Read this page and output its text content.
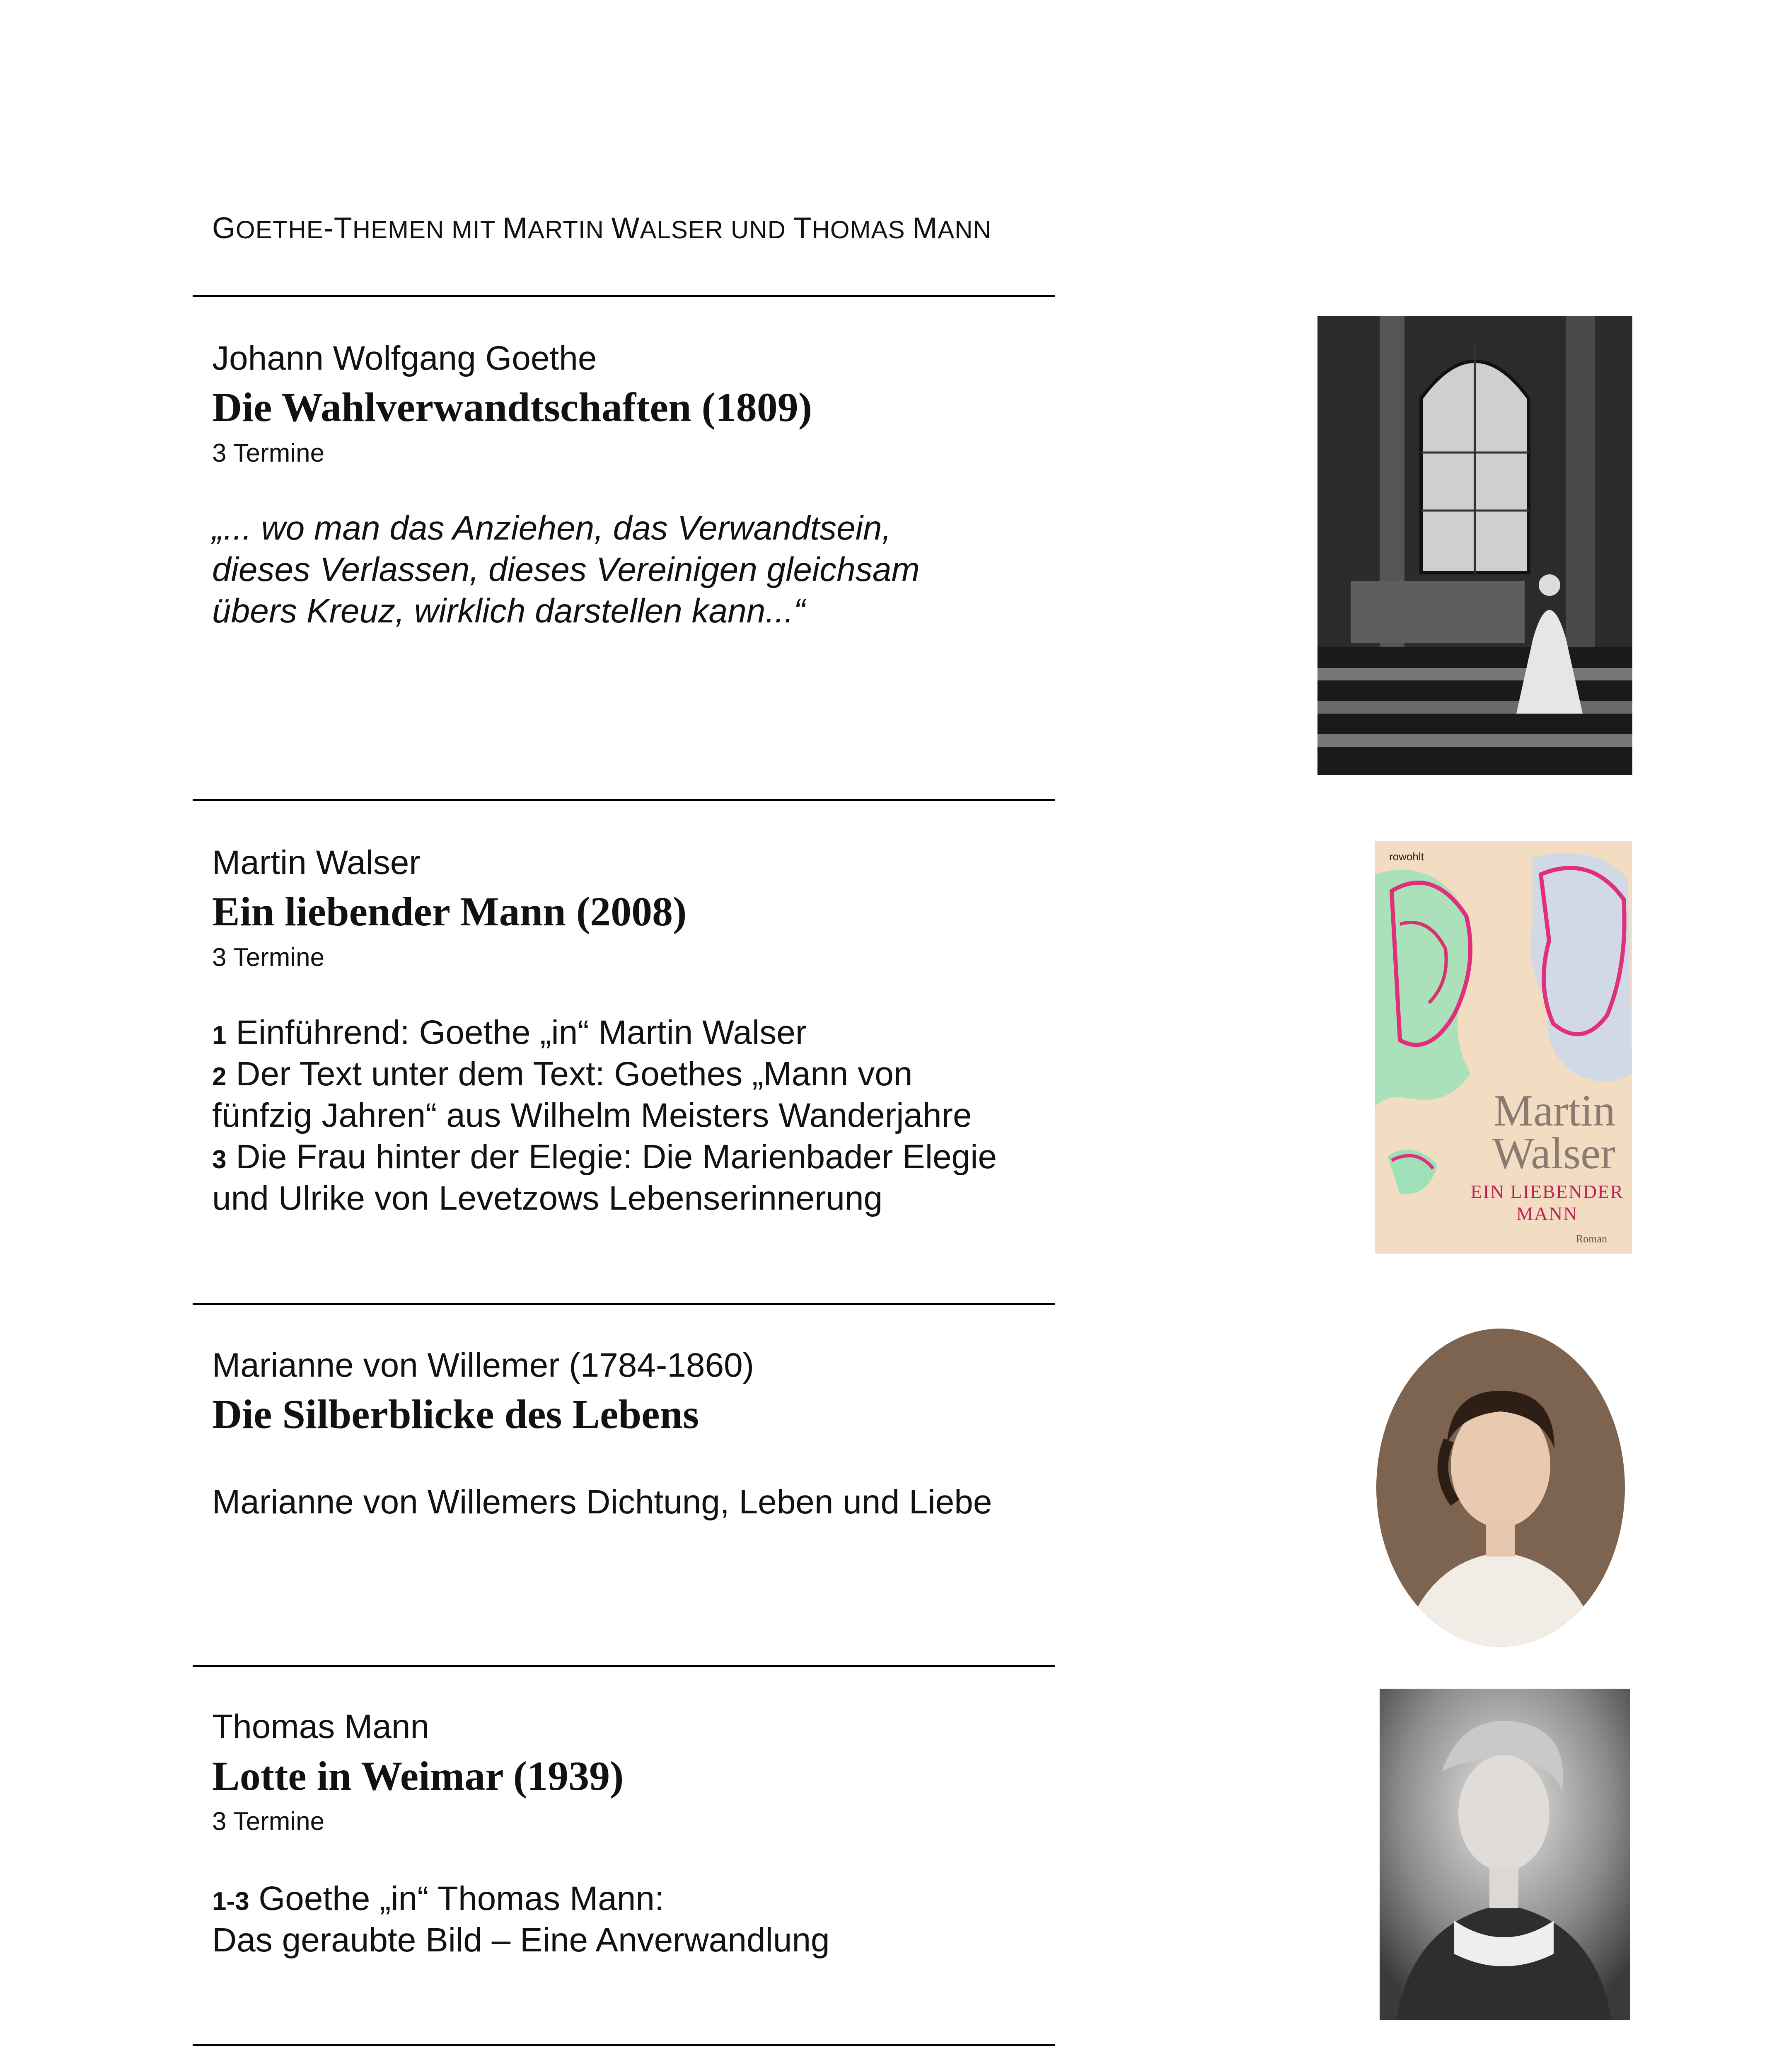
GOETHE-THEMEN MIT MARTIN WALSER UND THOMAS MANN
Johann Wolfgang Goethe
Die Wahlverwandtschaften (1809)
3 Termine
„... wo man das Anziehen, das Verwandtsein,
dieses Verlassen, dieses Vereinigen gleichsam
übers Kreuz, wirklich darstellen kann...“
Martin Walser
Ein liebender Mann (2008)
3 Termine
1 Einführend: Goethe „in“ Martin Walser
2 Der Text unter dem Text: Goethes „Mann von
fünfzig Jahren“ aus Wilhelm Meisters Wanderjahre
3 Die Frau hinter der Elegie: Die Marienbader Elegie
und Ulrike von Levetzows Lebenserinnerung
rowohlt
Martin
Walser
EIN LIEBENDER
MANN
Roman
Marianne von Willemer (1784-1860)
Die Silberblicke des Lebens
Marianne von Willemers Dichtung, Leben und Liebe
Thomas Mann
Lotte in Weimar (1939)
3 Termine
1-3 Goethe „in“ Thomas Mann:
Das geraubte Bild – Eine Anverwandlung
